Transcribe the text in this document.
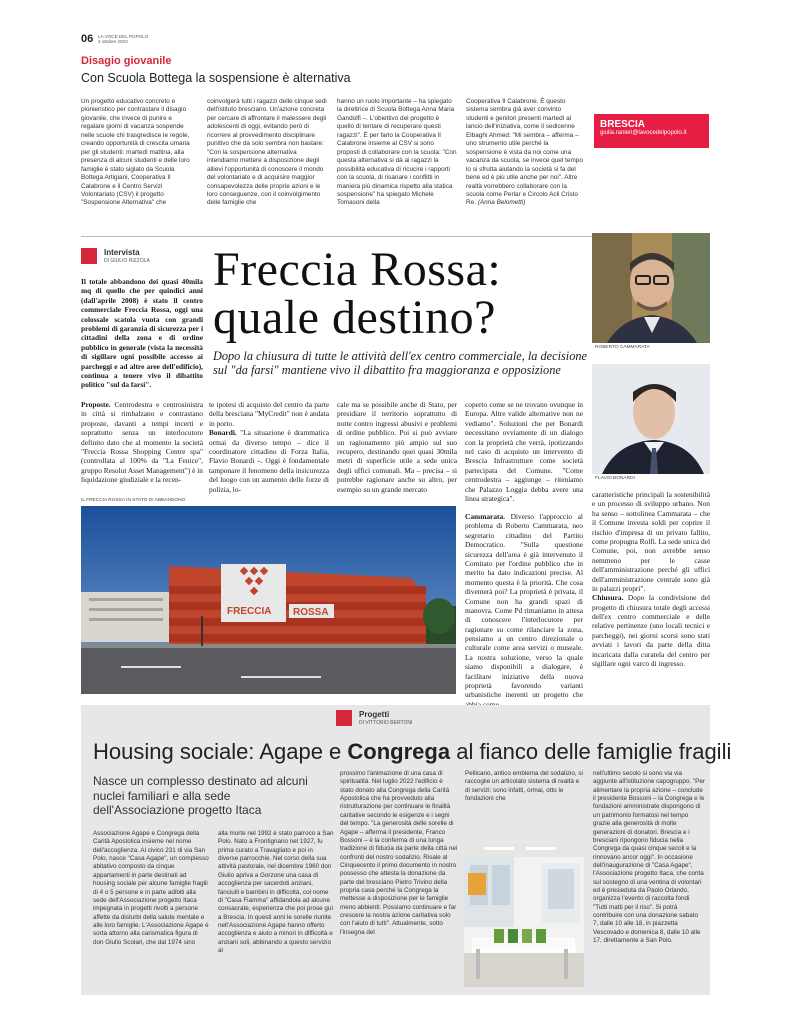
06 LA VOCE DEL POPOLO
4 ottobre 2023
Disagio giovanile
Con Scuola Bottega la sospensione è alternativa
Un progetto educativo concreto e pionieristico per contrastare il disagio giovanile, che invece di punire e regalare giorni di vacanza sospende nelle scuole chi trasgredisce le regole, creando opportunità di crescita umana per gli studenti: martedì mattina, alla presenza di alcuni studenti e delle loro famiglie è stato siglato da Scuola Bottega Artigiani, Cooperativa Il Calabrone e il Centro Servizi Volontariato (CSV) il progetto "Sospensione Alternativa" che
coinvolgerà tutti i ragazzi delle cinque sedi dell'istituto bresciano. Un'azione concreta per cercare di affrontare il malessere degli adolescenti di oggi, evitando però di ricorrere al provvedimento disciplinare punitivo che da solo sembra non bastare: "Con la sospensione alternativa intendiamo mettere a disposizione degli allievi l'opportunità di conoscere il mondo del volontariato e di acquisire maggior consapevolezza delle proprie azioni e le loro conseguenze, con il coinvolgimento delle famiglie che
hanno un ruolo importante – ha spiegato la direttrice di Scuola Bottega Anna Maria Gandolfi –. L'obiettivo del progetto è quello di tentare di recuperare questi ragazzi". È per farlo la Cooperativa Il Calabrone insieme al CSV si sono proposti di collaborare con la scuola: "Con questa alternativa si dà ai ragazzi la possibilità educativa di ricucire i rapporti con la scuola, di risanare i conflitti in maniera più dinamica rispetto alla statica sospensione" ha spiegato Michele Tomasoni della
Cooperativa Il Calabrone. È questo sistema sembra già aver convinto studenti e genitori presenti martedì al lancio dell'iniziativa, come il sedicenne Elbaghi Ahmed: "Mi sembra – afferma – uno strumento utile perché la sospensione è vista da noi come una vacanza da scuola, se invece quel tempo lo si sfrutta aiutando la società si fa del bene ed è più utile anche per noi". Altre realtà vorrebbero collaborare con la scuola come Perlar e Circolo Acli Cristo Re. (Anna Belometti)
BRESCIA
giulia.ranieri@lavocedelpopolo.it
Intervista
DI GIULIO RIZZOLA Freccia Rossa:
quale destino?
Dopo la chiusura di tutte le attività dell'ex centro commerciale, la decisione sul "da farsi" mantiene vivo il dibattito fra maggioranza e opposizione
Il totale abbandono dei quasi 40mila mq di quello che per quindici anni (dall'aprile 2008) è stato il centro commerciale Freccia Rossa, oggi una colossale scatola vuota con grandi problemi di garanzia di sicurezza per i cittadini della zona e di ordine pubblico in generale (vista la necessità di sigillare ogni possibile accesso ai parcheggi e ad altre aree dell'edificio), continua a tenere vivo il dibattito politico "sul da farsi".
Proposte. Centrodestra e centrosinistra in città si rimbalzano e contrastano proposte, davanti a tempi incerti e soprattutto senza un interlocutore definito dato che al momento la società "Freccia Rossa Shopping Centre spa" (controllata al 100% da "La Fenice", gruppo Resolut Asset Management") è in liquidazione giudiziale e la recen-
te ipotesi di acquisto del centro da parte della bresciana "MyCredit" non è andata in porto.
Bonardi. "La situazione è drammatica ormai da diverso tempo – dice il coordinatore cittadino di Forza Italia, Flavio Bonardi –. Oggi è fondamentale tamponare il fenomeno della insicurezza del luogo con un aumento delle forze di polizia, lo-
cale ma se possibile anche di Stato, per presidiare il territorio soprattutto di notte contro ingressi abusivi e problemi di ordine pubblico. Poi si può avviare un ragionamento più ampio sul suo recupero, destinando quei quasi 30mila metri di superficie utile a sede unica degli uffici comunali. Ma – precisa – si potrebbe ragionare anche su altro, per esempio su un grande mercato
coperto come se ne trovano ovunque in Europa. Altre valide alternative non ne vediamo". Soluzioni che per Bonardi necessitano ovviamente di un dialogo con la proprietà che verrà, ipotizzando nel caso di acquisto un intervento di Brescia Infrastrutture come società partecipata del Comune. "Come centrodestra – aggiunge – riteniamo che Palazzo Loggia debba avere una linea strategica".
Cammarata. Diverso l'approccio al problema di Roberto Cammarata, neo segretario cittadino del Partito Democratico. "Sulla questione sicurezza dell'area è già intervenuto il Comitato per l'ordine pubblico che in merito ha dato indicazioni precise. Al momento questa è la priorità. Che cosa diventerà poi? La proprietà è privata, il Comune non ha grandi spazi di manovra. Come Pd rimaniamo in attesa di conoscere l'interlocutore per ragionare su come rilanciare la zona, pensiamo a un centro direzionale o culturale come area servizi o museale. La nostra soluzione, verso la quale siamo disponibili a dialogare, è facilitare iniziative della nuova proprietà favorendo varianti urbanistiche inerenti un progetto che
caratteristiche principali la sostenibilità e un processo di sviluppo urbano. Non ha senso – sottolinea Cammarata – che il Comune investa soldi per coprire il rischio d'impresa di un privato fallito, come propugna Rolfi. La sede unica del Comune, poi, non avrebbe senso nemmeno per le casse dell'amministrazione perché gli uffici dell'amministrazione centrale sono già in palazzi propri".
Chiusura. Dopo la condivisione del progetto di chiusura totale degli accessi dell'ex centro commerciale e delle relative pertinenze (uno locali tecnici e parcheggi), nei giorni scorsi sono stati avviati i lavori da parte della ditta incaricata dalla curatela del centro per sigillare ogni varco di ingresso.
ROBERTO CAMMARATA
FLAVIO BONARDI
IL FRECCIA ROSSA IN STATO DI ABBANDONO
FRECCIA ROSSA
Progetti
DI VITTORIO BERTONI
Housing sociale: Agape e Congrega al fianco delle famiglie fragili
Nasce un complesso destinato ad alcuni nuclei familiari e alla sede dell'Associazione progetto Itaca
Associazione Agape e Congrega della Carità Apostolica insieme nel nome dell'accoglienza. Al civico 231 di via San Polo, nasce "Casa Agape", un complesso abitativo composto da cinque appartamenti in parte destinati ad housing sociale per alcune famiglie fragili di 4 o 5 persone e in parte adibiti alla sede dell'Associazione progetto Itaca impegnata in progetti rivolti a persone affette da disturbi della salute mentale e alle loro famiglie. L'Associazione Agape è sorta attorno alla carismatica figura di don Giulio Scolari, che dal 1974 sino
alla morte nel 1992 è stato parroco a San Polo. Nato a Frontignano nel 1927, fu prima curato a Travagliato e poi in diverse parrocchie. Nel corso della sua attività pastorale, nel dicembre 1960 don Giulio apriva a Gorzone una casa di accoglienza per sacerdoti anziani, fanciulli e bambini in difficoltà, col nome di "Casa Fiamma" affidandola ad alcune consacrate, esperienza che poi prose guì a Brescia. In questi anni le sorelle riunite nell'Associazione Agape hanno offerto accoglienza e aiuto a minori in difficoltà e anziani soli, abbinando a questo servizio al
prossimo l'animazione di una casa di spiritualità. Nel luglio 2022 l'edificio è stato donato alla Congrega della Carità Apostolica che ha provveduto alla ristrutturazione per continuare le finalità caritative secondo le esigenze e i segni del tempo. "La generosità delle sorelle di Agape – afferma il presidente, Franco Bossoni – è la conferma di una lunga tradizione di fiducia da parte della città nei confronti del nostro sodalizio. Risale al Cinquecento il primo documento in nostro possesso che attesta la donazione da parte del bresciano Pietro Trivino della propria casa perché la Congrega la mettesse a disposizione per le famiglie meno abbienti. Possiamo continuare e far crescere la nostra azione caritativa solo con l'aiuto di tutti". Attualmente, sotto l'insegna del
Pellicano, antico emblema del sodalizio, si raccoglie un articolato sistema di realtà e di servizi: sono infatti, ormai, otto le fondazioni che
nell'ultimo secolo si sono via via aggiunte all'istituzione capogruppo. "Per alimentare la propria azione – conclude il presidente Bossoni – la Congrega e le fondazioni amministrate dispongono di un patrimonio formatosi nel tempo grazie alla generosità di molte generazioni di donatori. Brescia e i bresciani ripongono fiducia nella Congrega da quasi cinque secoli e la rinnovano ancor oggi". In occasione dell'inaugurazione di "Casa Agape", l'Associazione progetto Itaca, che conta sul sostegno di una ventina di volontari ed è presieduta da Paolo Orlando, organizza l'evento di raccolta fondi "Tutti matti per il riso". Si potrà contribuire con una donazione sabato 7, dalle 10 alle 18, in piazzetta Vescovado e domenica 8, dalle 10 alle 17, direttamente a San Polo.
